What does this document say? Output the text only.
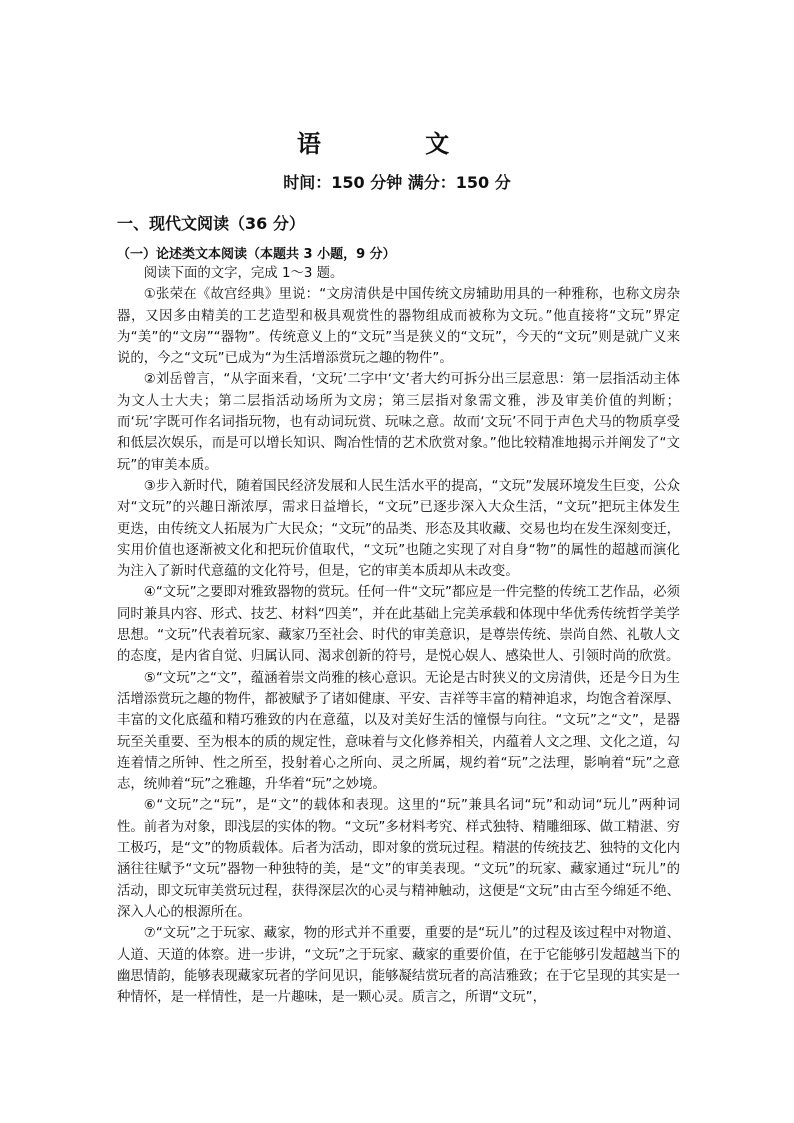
语 文
时间：150 分钟 满分：150 分
一、现代文阅读（36 分）
（一）论述类文本阅读（本题共 3 小题，9 分）

阅读下面的文字，完成 1～3 题。

①张荣在《故宫经典》里说：“文房清供是中国传统文房辅助用具的一种雅称，也称文房杂器，又因多由精美的工艺造型和极具观赏性的器物组成而被称为文玩。”他直接将“文玩”界定为“美”的“文房”“器物”。传统意义上的“文玩”当是狭义的“文玩”，今天的“文玩”则是就广义来说的，今之“文玩”已成为“为生活增添赏玩之趣的物件”。

②刘岳曾言，“从字面来看，‘文玩’二字中‘文’者大约可拆分出三层意思：第一层指活动主体为文人士大夫；第二层指活动场所为文房；第三层指对象需文雅，涉及审美价值的判断；而‘玩’字既可作名词指玩物，也有动词玩赏、玩味之意。故而‘文玩’不同于声色犬马的物质享受和低层次娱乐，而是可以增长知识、陶冶性情的艺术欣赏对象。”他比较精准地揭示并阐发了“文玩”的审美本质。

③步入新时代，随着国民经济发展和人民生活水平的提高，“文玩”发展环境发生巨变，公众对“文玩”的兴趣日渐浓厚，需求日益增长，“文玩”已逐步深入大众生活，“文玩”把玩主体发生更迭，由传统文人拓展为广大民众；“文玩”的品类、形态及其收藏、交易也均在发生深刻变迁，实用价值也逐渐被文化和把玩价值取代，“文玩”也随之实现了对自身“物”的属性的超越而演化为注入了新时代意蕴的文化符号，但是，它的审美本质却从未改变。

④“文玩”之要即对雅致器物的赏玩。任何一件“文玩”都应是一件完整的传统工艺作品，必须同时兼具内容、形式、技艺、材料“四美”，并在此基础上完美承载和体现中华优秀传统哲学美学思想。“文玩”代表着玩家、藏家乃至社会、时代的审美意识，是尊崇传统、崇尚自然、礼敬人文的态度，是内省自觉、归属认同、渴求创新的符号，是悦心娱人、感染世人、引领时尚的欣赏。

⑤“文玩”之“文”，蕴涵着崇文尚雅的核心意识。无论是古时狭义的文房清供，还是今日为生活增添赏玩之趣的物件，都被赋予了诸如健康、平安、吉祥等丰富的精神追求，均饱含着深厚、丰富的文化底蕴和精巧雅致的内在意蕴，以及对美好生活的憧憬与向往。“文玩”之“文”，是器玩至关重要、至为根本的质的规定性，意味着与文化修养相关，内蕴着人文之理、文化之道，勾连着情之所钟、性之所至，投射着心之所向、灵之所属，规约着“玩”之法理，影响着“玩”之意志，统帅着“玩”之雅趣，升华着“玩”之妙境。

⑥“文玩”之“玩”，是“文”的载体和表现。这里的“玩”兼具名词“玩”和动词“玩儿”两种词性。前者为对象，即浅层的实体的物。“文玩”多材料考究、样式独特、精雕细琢、做工精湛、穷工极巧，是“文”的物质载体。后者为活动，即对象的赏玩过程。精湛的传统技艺、独特的文化内涵往往赋予“文玩”器物一种独特的美，是“文”的审美表现。“文玩”的玩家、藏家通过“玩儿”的活动，即文玩审美赏玩过程，获得深层次的心灵与精神触动，这便是“文玩”由古至今绵延不绝、深入人心的根源所在。

⑦“文玩”之于玩家、藏家，物的形式并不重要，重要的是“玩儿”的过程及该过程中对物道、人道、天道的体察。进一步讲，“文玩”之于玩家、藏家的重要价值，在于它能够引发超越当下的幽思情韵，能够表现藏家玩者的学问见识，能够凝结赏玩者的高洁雅致；在于它呈现的其实是一种情怀，是一样情性，是一片趣味，是一颗心灵。质言之，所谓“文玩”，
